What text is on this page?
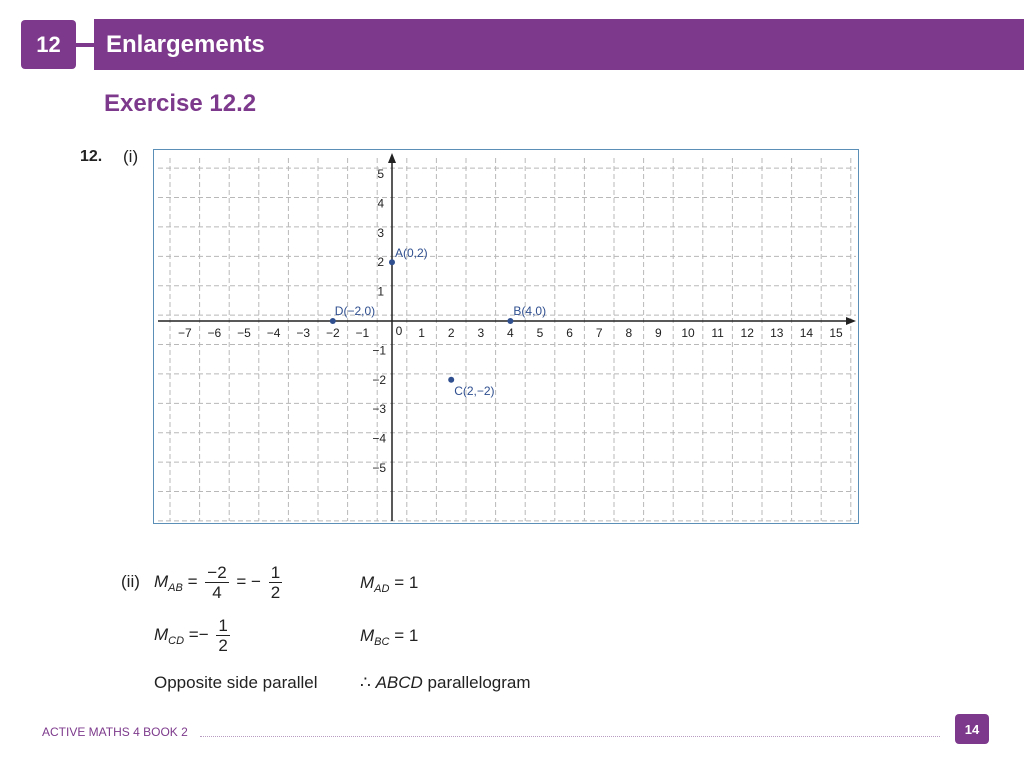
12	Enlargements
Exercise 12.2
12. (i)
−7 −6 −5 −4 −3 −2 −1	1 2 3 4 5 6 7 8 9 10 11 12 13 14 15
0
5
4
3
2
1
−1
−2
−3
−4
−5
A(0,2)
B(4,0)
C(2,−2)
D(−2,0)
(ii) $M_{AB} = \frac{-2}{4}$ = − $\frac{1}{2}$	$M_{AD} = 1$
$M_{CD} =- \frac{1}{2}$	$M_{BC} = 1$
Opposite side parallel	∴ ABCD parallelogram
ACTIVE MATHS 4 BOOK 2	14
